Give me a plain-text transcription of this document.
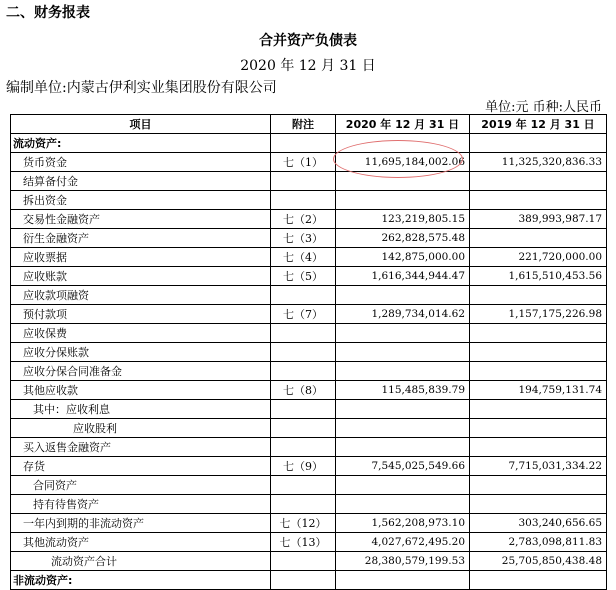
二、财务报表
合并资产负债表
2020 年 12 月 31 日
编制单位:内蒙古伊利实业集团股份有限公司
单位:元 币种:人民币
项目	附注	2020 年 12 月 31 日	2019 年 12 月 31 日
流动资产:			
货币资金	七（1）	11,695,184,002.06	11,325,320,836.33
结算备付金			
拆出资金			
交易性金融资产	七（2）	123,219,805.15	389,993,987.17
衍生金融资产	七（3）	262,828,575.48	
应收票据	七（4）	142,875,000.00	221,720,000.00
应收账款	七（5）	1,616,344,944.47	1,615,510,453.56
应收款项融资			
预付款项	七（7）	1,289,734,014.62	1,157,175,226.98
应收保费			
应收分保账款			
应收分保合同准备金			
其他应收款	七（8）	115,485,839.79	194,759,131.74
其中：应收利息			
应收股利			
买入返售金融资产			
存货	七（9）	7,545,025,549.66	7,715,031,334.22
合同资产			
持有待售资产			
一年内到期的非流动资产	七（12）	1,562,208,973.10	303,240,656.65
其他流动资产	七（13）	4,027,672,495.20	2,783,098,811.83
流动资产合计		28,380,579,199.53	25,705,850,438.48
非流动资产:			
